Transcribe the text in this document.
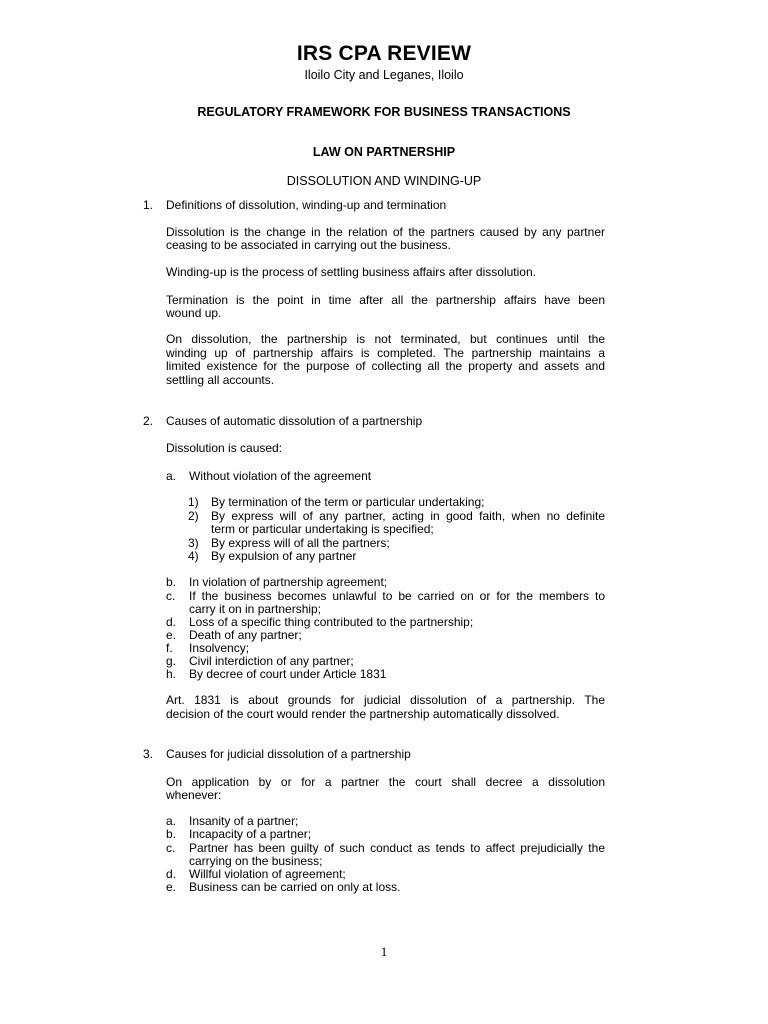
IRS CPA REVIEW
Iloilo City and Leganes, Iloilo
REGULATORY FRAMEWORK FOR BUSINESS TRANSACTIONS
LAW ON PARTNERSHIP
DISSOLUTION AND WINDING-UP
1. Definitions of dissolution, winding-up and termination
Dissolution is the change in the relation of the partners caused by any partner
ceasing to be associated in carrying out the business.
Winding-up is the process of settling business affairs after dissolution.
Termination is the point in time after all the partnership affairs have been
wound up.
On dissolution, the partnership is not terminated, but continues until the
winding up of partnership affairs is completed. The partnership maintains a
limited existence for the purpose of collecting all the property and assets and
settling all accounts.
2. Causes of automatic dissolution of a partnership
Dissolution is caused:
a. Without violation of the agreement
1) By termination of the term or particular undertaking;
2) By express will of any partner, acting in good faith, when no definite
term or particular undertaking is specified;
3) By express will of all the partners;
4) By expulsion of any partner
b. In violation of partnership agreement;
c. If the business becomes unlawful to be carried on or for the members to
carry it on in partnership;
d. Loss of a specific thing contributed to the partnership;
e. Death of any partner;
f. Insolvency;
g. Civil interdiction of any partner;
h. By decree of court under Article 1831
Art. 1831 is about grounds for judicial dissolution of a partnership. The
decision of the court would render the partnership automatically dissolved.
3. Causes for judicial dissolution of a partnership
On application by or for a partner the court shall decree a dissolution
whenever:
a. Insanity of a partner;
b. Incapacity of a partner;
c. Partner has been guilty of such conduct as tends to affect prejudicially the
carrying on the business;
d. Willful violation of agreement;
e. Business can be carried on only at loss.
1
